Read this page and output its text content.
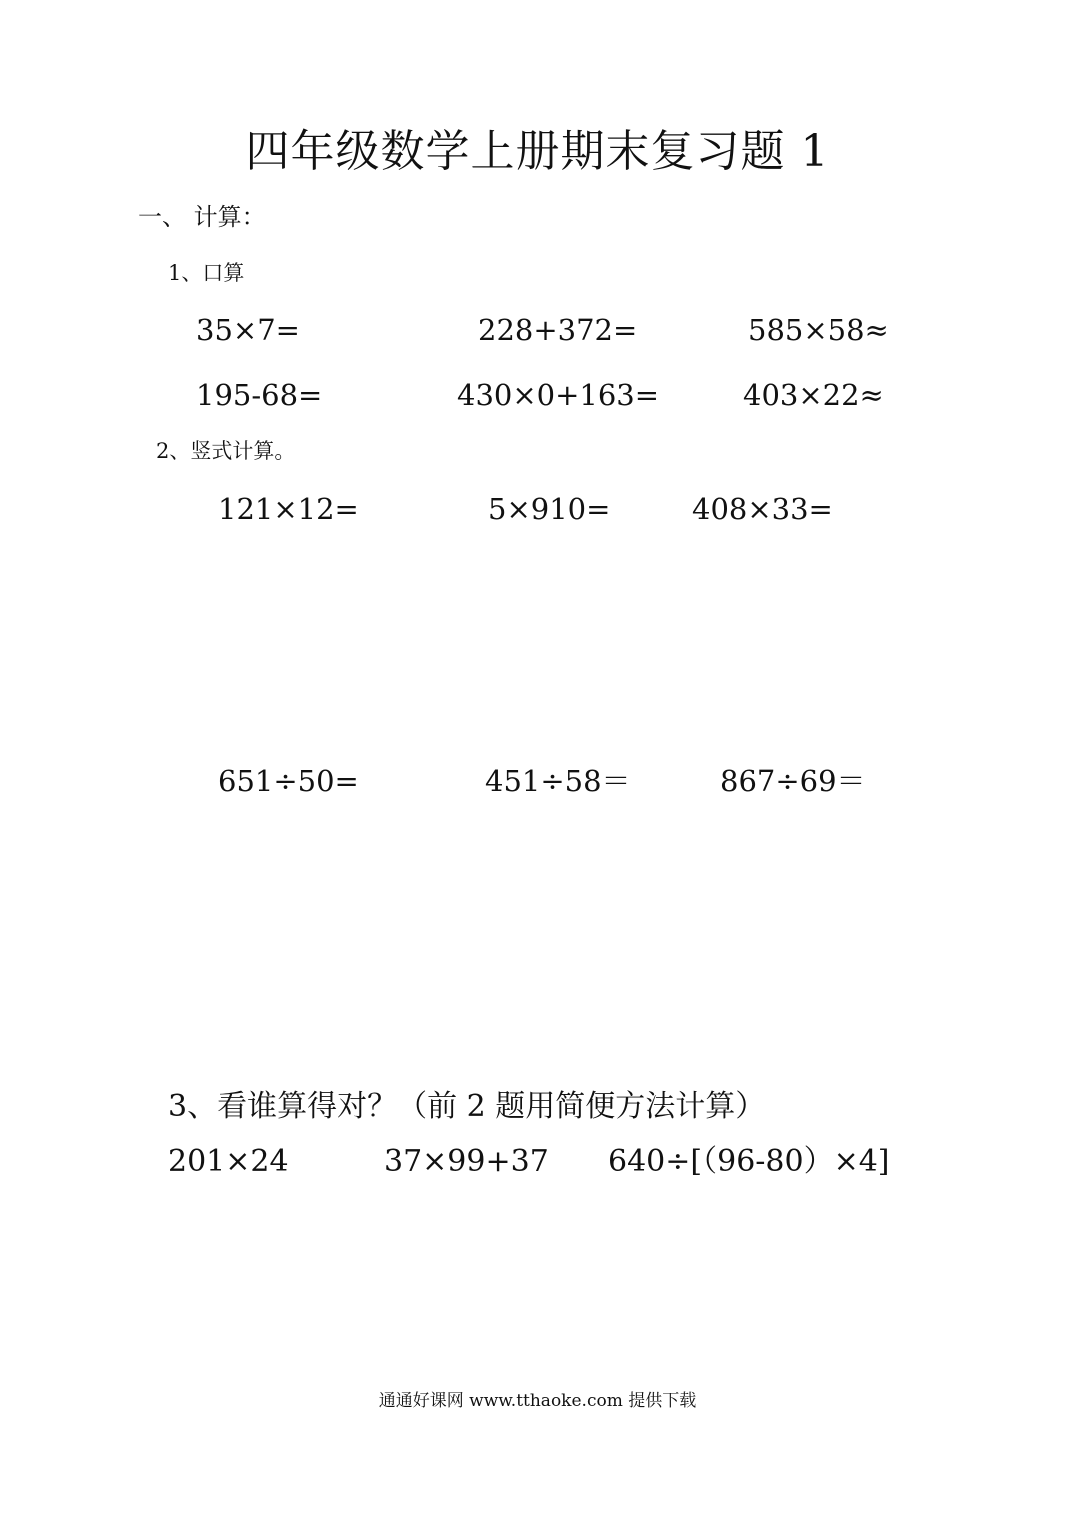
四年级数学上册期末复习题 1
一、 计算：
1、口算
35×7=	228+372=	585×58≈
195-68=	430×0+163=	403×22≈
2、竖式计算。
121×12=	5×910=	408×33=
651÷50=	451÷58＝	867÷69＝
3、看谁算得对？（前 2 题用简便方法计算）
201×24	37×99+37 640÷[（96-80）×4]
通通好课网 www.tthaoke.com 提供下载
